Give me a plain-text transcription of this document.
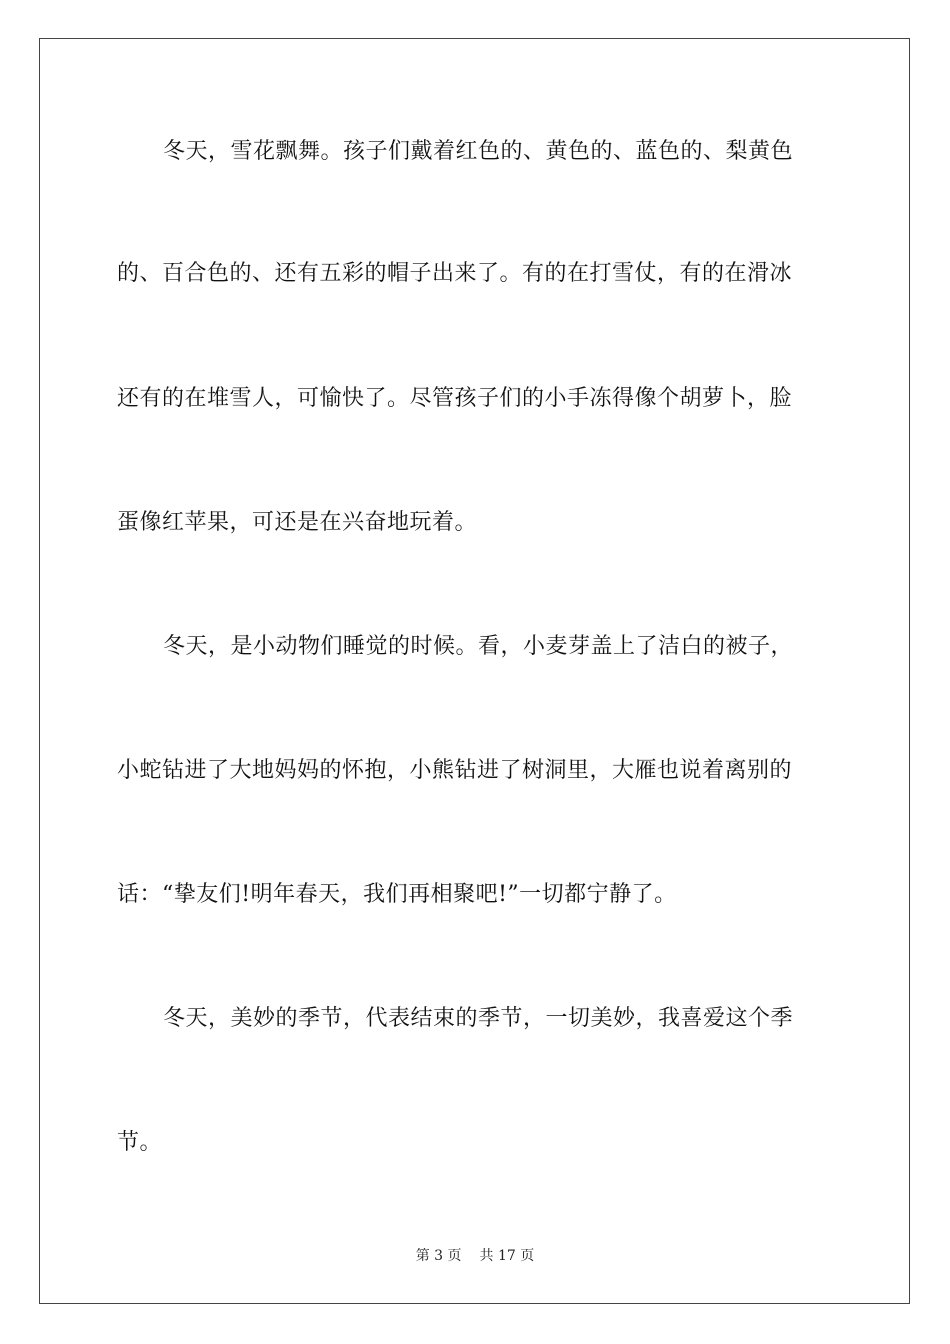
冬天，雪花飘舞。孩子们戴着红色的、黄色的、蓝色的、梨黄色
的、百合色的、还有五彩的帽子出来了。有的在打雪仗，有的在滑冰
还有的在堆雪人，可愉快了。尽管孩子们的小手冻得像个胡萝卜，脸
蛋像红苹果，可还是在兴奋地玩着。
冬天，是小动物们睡觉的时候。看，小麦芽盖上了洁白的被子，
小蛇钻进了大地妈妈的怀抱，小熊钻进了树洞里，大雁也说着离别的
话：“挚友们!明年春天，我们再相聚吧!”一切都宁静了。
冬天，美妙的季节，代表结束的季节，一切美妙，我喜爱这个季
节。
第 3 页 共 17 页
